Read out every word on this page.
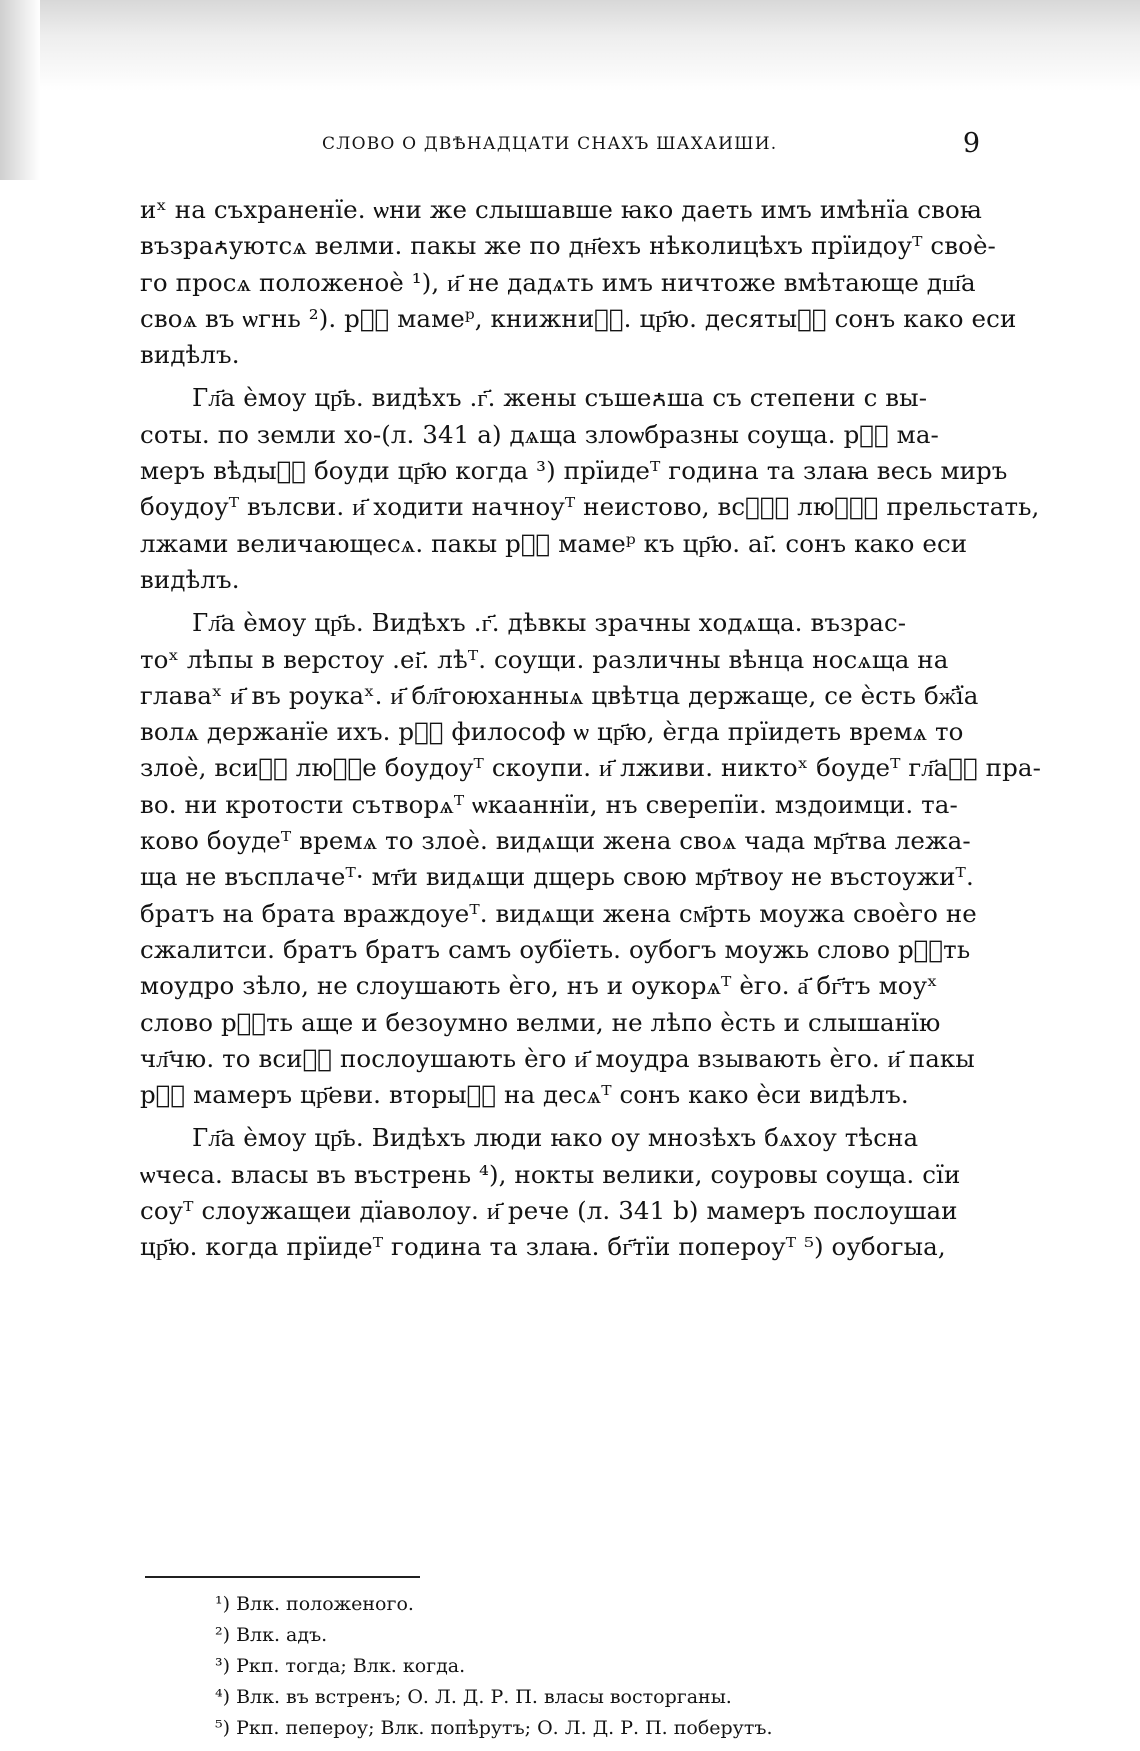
СЛОВО О ДВѢНАДЦАТИ СНАХЪ ШАХАИШИ.	9
иˣ на съхраненїе. ѡни же слышавше ꙗко даеть имъ имѣнїа своꙗ
възраꙉуютсѧ велми. пакы же по дн҃ехъ нѣколицѣхъ прїидоуᵀ своѐ-
го просѧ положеноѐ ¹), и҃ не дадѧть имъ ничтоже вмѣтающе дш҃а
своѧ въ ѡгнь ²). рⷱ҇ мамеᵖ, книжниⷦ҇. цр҃ю. десятыⷡ҇ сонъ како еси
видѣлъ.
Гл҃а ѐмоу цр҃ь. видѣхъ .г҃. жены съшеꙉша съ степени с вы-
соты. по земли хо-(л. 341 а) дѧща злоѡбразны соуща. рⷱ҇ ма-
меръ вѣдыⷨ҇ боуди цр҃ю когда ³) прїидеᵀ година та злаꙗ весь миръ
боудоуᵀ вълсви. и҃ ходити начноуᵀ неистово, всѧⷯ҇ люⷣⷱ҇ прельстать,
лжами величающесѧ. пакы рⷱ҇ мамеᵖ къ цр҃ю. аі҃. сонъ како еси
видѣлъ.
Гл҃а ѐмоу цр҃ь. Видѣхъ .г҃. дѣвкы зрачны ходѧща. възрас-
тоˣ лѣпы в верстоу .еі҃. лѣᵀ. соущи. различны вѣнца носѧща на
главаˣ и҃ въ роукаˣ. и҃ бл҃гоюханныѧ цвѣтца держаще, се ѐсть бж҃їа
волѧ держанїе ихъ. рⷱ҇ философ ѡ цр҃ю, ѐгда прїидеть времѧ то
злоѐ, всиⷯ҇ люⷣⷱе боудоуᵀ скоупи. и҃ лживи. никтоˣ боудеᵀ гл҃аⷯ҇ пра-
во. ни кротости сътворѧᵀ ѡкааннїи, нъ сверепїи. мздоимци. та-
ково боудеᵀ времѧ то злоѐ. видѧщи жена своѧ чада мр҃тва лежа-
ща не въсплачеᵀ· мт҃и видѧщи дщерь свою мр҃твоу не въстоужиᵀ.
братъ на брата враждоуеᵀ. видѧщи жена см҃рть моужа своѐго не
сжалитси. братъ братъ самъ оубїеть. оубогъ моужь слово рⷱ҇ть
моудро зѣло, не слоушають ѐго, нъ и оукорѧᵀ ѐго. а҃ бг҃тъ моуˣ
слово рⷱ҇ть аще и безоумно велми, не лѣпо ѐсть и слышанїю
чл҃чю. то всиⷯ҇ послоушають ѐго и҃ моудра взывають ѐго. и҃ пакы
рⷱ҇ мамеръ цр҃еви. вторыⷨ҇ на десѧᵀ сонъ како ѐси видѣлъ.
Гл҃а ѐмоу цр҃ь. Видѣхъ люди ꙗко оу мнозѣхъ бѧхоу тѣсна
ѡчеса. власы въ въстрень ⁴), нокты велики, соуровы соуща. сїи
соуᵀ слоужащеи дїаволоу. и҃ рече (л. 341 b) мамеръ послоушаи
цр҃ю. когда прїидеᵀ година та злаꙗ. бг҃тїи попероуᵀ ⁵) оубогыа,
¹) Влк. положеного.
²) Влк. адъ.
³) Ркп. тогда; Влк. когда.
⁴) Влк. въ встренъ; О. Л. Д. Р. П. власы восторганы.
⁵) Ркп. пепероу; Влк. попѣрутъ; О. Л. Д. Р. П. поберутъ.
